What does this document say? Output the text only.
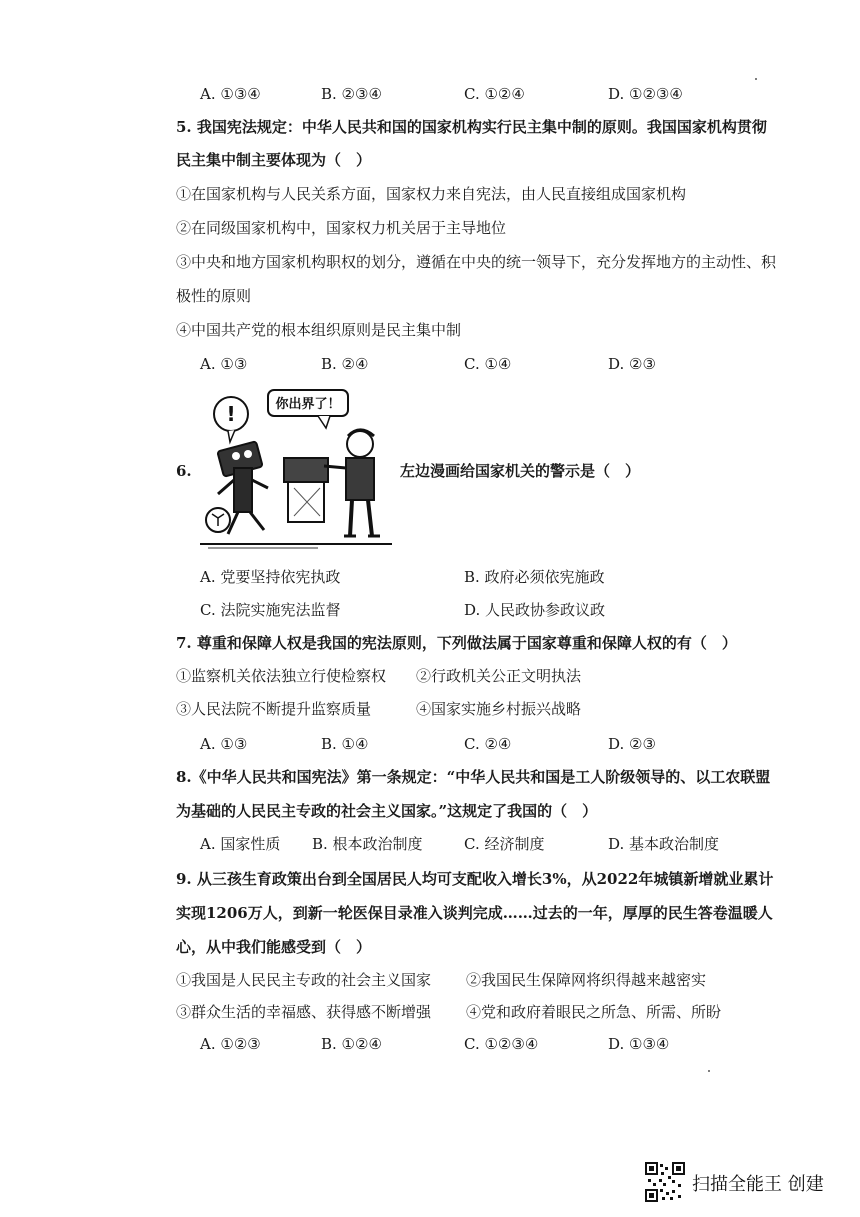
A. ①③④	B. ②③④	C. ①②④	D. ①②③④
5. 我国宪法规定：中华人民共和国的国家机构实行民主集中制的原则。我国国家机构贯彻
民主集中制主要体现为（　）
①在国家机构与人民关系方面，国家权力来自宪法，由人民直接组成国家机构
②在同级国家机构中，国家权力机关居于主导地位
③中央和地方国家机构职权的划分，遵循在中央的统一领导下，充分发挥地方的主动性、积
极性的原则
④中国共产党的根本组织原则是民主集中制
A. ①③	B. ②④	C. ①④	D. ②③
6.
!	你出界了！
左边漫画给国家机关的警示是（　）
A. 党要坚持依宪执政	B. 政府必须依宪施政
C. 法院实施宪法监督	D. 人民政协参政议政
7. 尊重和保障人权是我国的宪法原则，下列做法属于国家尊重和保障人权的有（　）
①监察机关依法独立行使检察权 ②行政机关公正文明执法
③人民法院不断提升监察质量	④国家实施乡村振兴战略
A. ①③	B. ①④	C. ②④	D. ②③
8.《中华人民共和国宪法》第一条规定：“中华人民共和国是工人阶级领导的、以工农联盟
为基础的人民民主专政的社会主义国家。”这规定了我国的（　）
A. 国家性质 B. 根本政治制度	C. 经济制度	D. 基本政治制度
9. 从三孩生育政策出台到全国居民人均可支配收入增长3%，从2022年城镇新增就业累计
实现1206万人，到新一轮医保目录准入谈判完成……过去的一年，厚厚的民生答卷温暖人
心，从中我们能感受到（　）
①我国是人民民主专政的社会主义国家 ②我国民生保障网将织得越来越密实
③群众生活的幸福感、获得感不断增强 ④党和政府着眼民之所急、所需、所盼
A. ①②③	B. ①②④	C. ①②③④	D. ①③④
扫描全能王 创建
